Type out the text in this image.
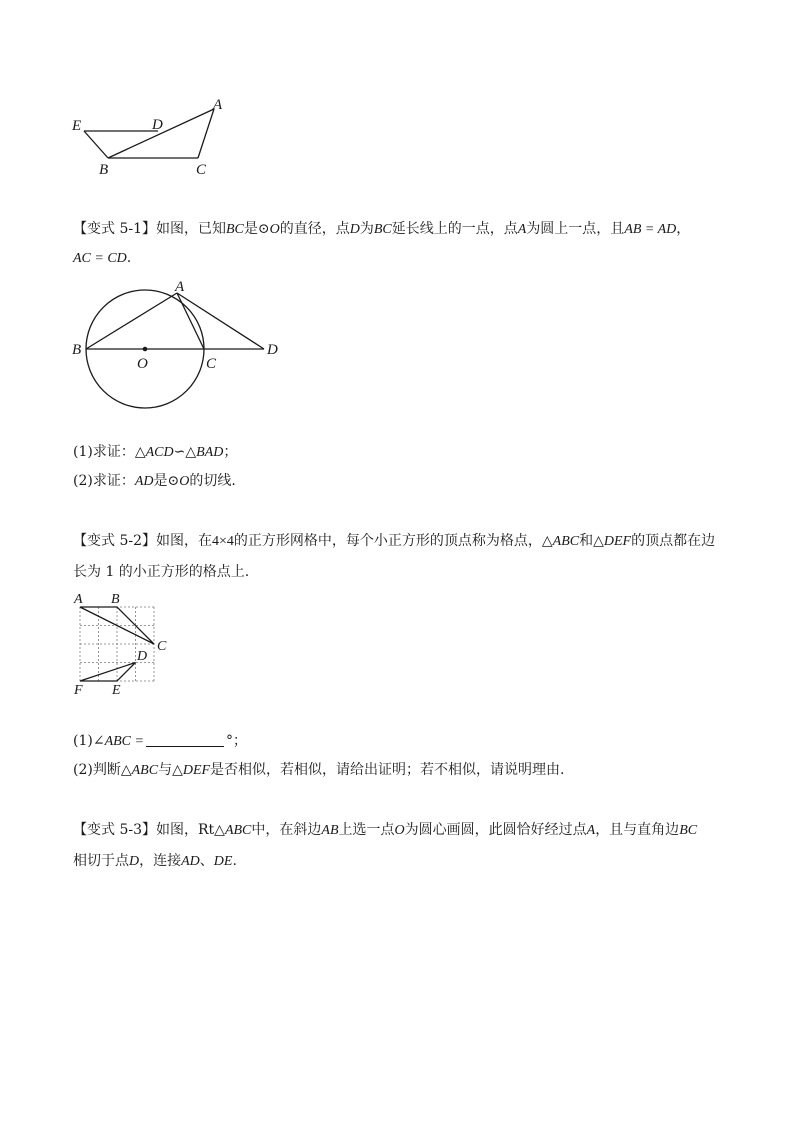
E	D
A
B	C
【变式 5-1】如图，已知BC是⊙O的直径，点D为BC延长线上的一点，点A为圆上一点，且AB = AD，
AC = CD.
A
B
O	C
D
(1)求证：△ACD∽△BAD；
(2)求证：AD是⊙O的切线.
【变式 5-2】如图，在4×4的正方形网格中，每个小正方形的顶点称为格点，△ABC和△DEF的顶点都在边
长为 1 的小正方形的格点上.
A B
C
D
F E
(1)∠ABC =	°；
(2)判断△ABC与△DEF是否相似，若相似，请给出证明；若不相似，请说明理由.
【变式 5-3】如图，Rt△ABC中，在斜边AB上选一点O为圆心画圆，此圆恰好经过点A，且与直角边BC
相切于点D，连接AD、DE.
